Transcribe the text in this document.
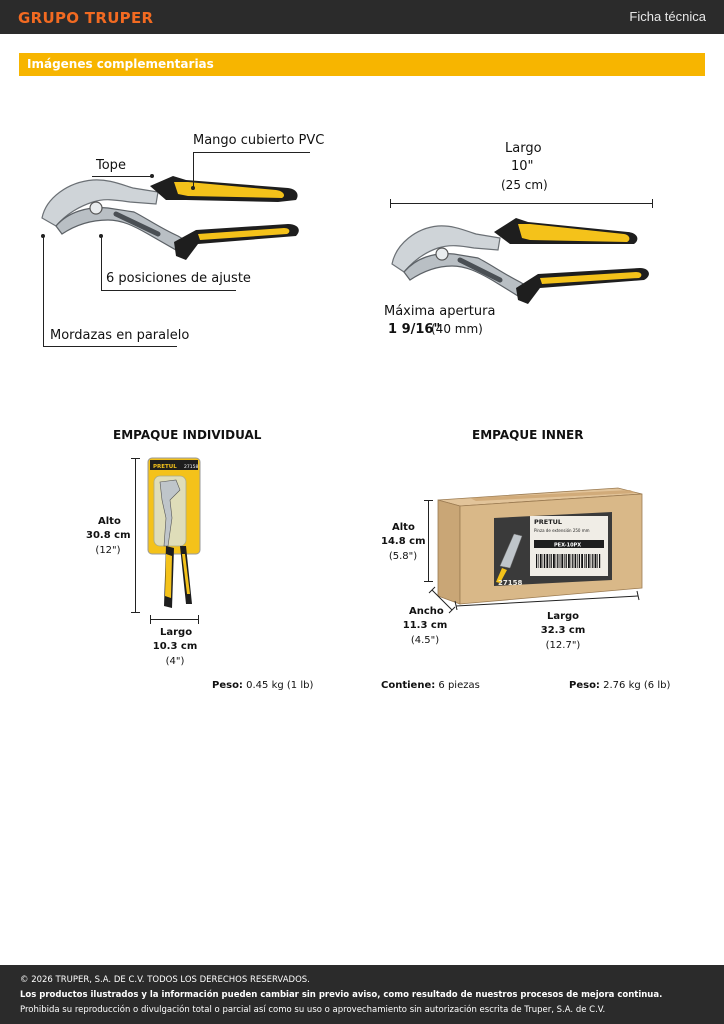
GRUPO TRUPER	Ficha técnica
Imágenes complementarias
Mango cubierto PVC
Tope
6 posiciones de ajuste
Mordazas en paralelo
Largo
10"
(25 cm)
Máxima apertura
1 9/16"
(40 mm)
EMPAQUE INDIVIDUAL
Alto
30.8 cm
(12")
PRETUL 27158
Largo
10.3 cm
(4")
Peso: 0.45 kg (1 lb)
EMPAQUE INNER
PRETUL
Pinza de extensión 250 mm
PEX-10PX
27158
Alto
14.8 cm
(5.8")
Ancho
11.3 cm
(4.5")
Largo
32.3 cm
(12.7")
Contiene: 6 piezas	Peso: 2.76 kg (6 lb)
© 2026 TRUPER, S.A. DE C.V. TODOS LOS DERECHOS RESERVADOS.
Los productos ilustrados y la información pueden cambiar sin previo aviso, como resultado de nuestros procesos de mejora continua.
Prohibida su reproducción o divulgación total o parcial así como su uso o aprovechamiento sin autorización escrita de Truper, S.A. de C.V.
